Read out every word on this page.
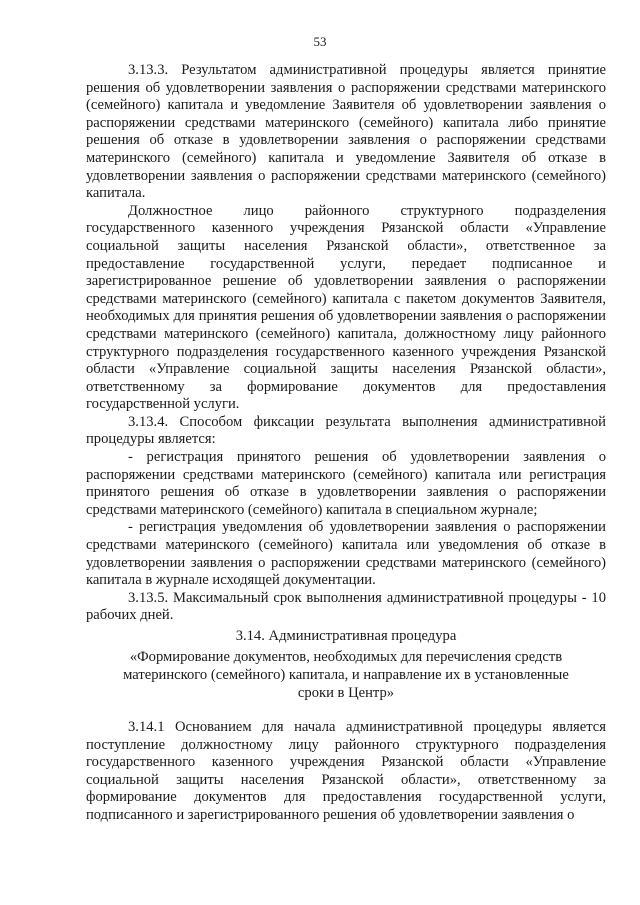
53

3.13.3. Результатом административной процедуры является принятие решения об удовлетворении заявления о распоряжении средствами материнского (семейного) капитала и уведомление Заявителя об удовлетворении заявления о распоряжении средствами материнского (семейного) капитала либо принятие решения об отказе в удовлетворении заявления о распоряжении средствами материнского (семейного) капитала и уведомление Заявителя об отказе в удовлетворении заявления о распоряжении средствами материнского (семейного) капитала.

Должностное лицо районного структурного подразделения государственного казенного учреждения Рязанской области «Управление социальной защиты населения Рязанской области», ответственное за предоставление государственной услуги, передает подписанное и зарегистрированное решение об удовлетворении заявления о распоряжении средствами материнского (семейного) капитала с пакетом документов Заявителя, необходимых для принятия решения об удовлетворении заявления о распоряжении средствами материнского (семейного) капитала, должностному лицу районного структурного подразделения государственного казенного учреждения Рязанской области «Управление социальной защиты населения Рязанской области», ответственному за формирование документов для предоставления государственной услуги.

3.13.4. Способом фиксации результата выполнения административной процедуры является:

- регистрация принятого решения об удовлетворении заявления о распоряжении средствами материнского (семейного) капитала или регистрация принятого решения об отказе в удовлетворении заявления о распоряжении средствами материнского (семейного) капитала в специальном журнале;

- регистрация уведомления об удовлетворении заявления о распоряжении средствами материнского (семейного) капитала или уведомления об отказе в удовлетворении заявления о распоряжении средствами материнского (семейного) капитала в журнале исходящей документации.

3.13.5. Максимальный срок выполнения административной процедуры - 10 рабочих дней.

3.14. Административная процедура
«Формирование документов, необходимых для перечисления средств материнского (семейного) капитала, и направление их в установленные сроки в Центр»

3.14.1 Основанием для начала административной процедуры является поступление должностному лицу районного структурного подразделения государственного казенного учреждения Рязанской области «Управление социальной защиты населения Рязанской области», ответственному за формирование документов для предоставления государственной услуги, подписанного и зарегистрированного решения об удовлетворении заявления о
